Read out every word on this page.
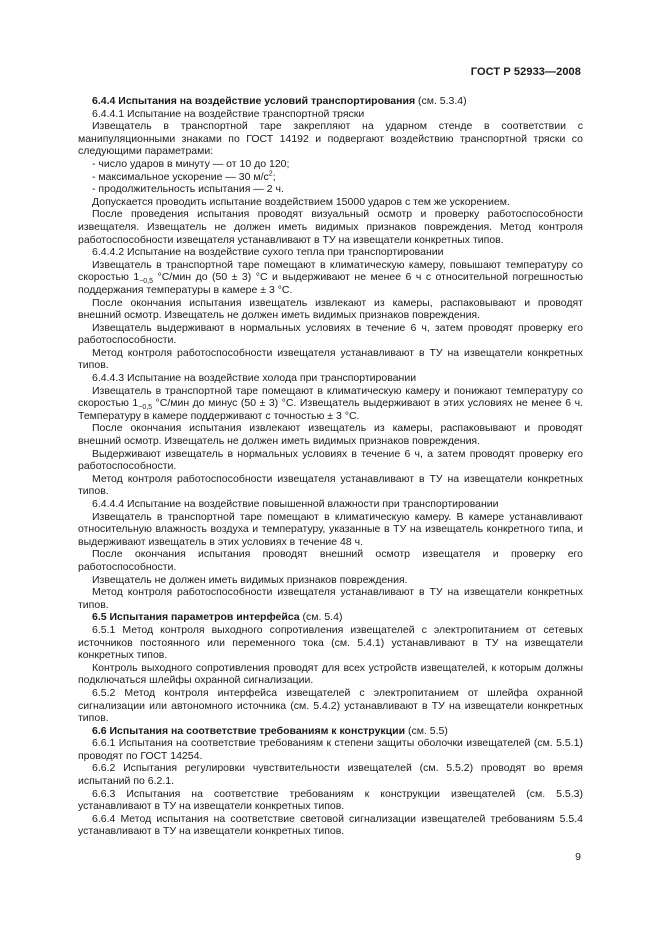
ГОСТ Р 52933—2008

6.4.4 Испытания на воздействие условий транспортирования (см. 5.3.4)

6.4.4.1 Испытание на воздействие транспортной тряски

Извещатель в транспортной таре закрепляют на ударном стенде в соответствии с манипуляционными знаками по ГОСТ 14192 и подвергают воздействию транспортной тряски со следующими параметрами:

- число ударов в минуту — от 10 до 120;

- максимальное ускорение — 30 $м/с^2$;

- продолжительность испытания — 2 ч.

Допускается проводить испытание воздействием 15000 ударов с тем же ускорением.

После проведения испытания проводят визуальный осмотр и проверку работоспособности извещателя. Извещатель не должен иметь видимых признаков повреждения. Метод контроля работоспособности извещателя устанавливают в ТУ на извещатели конкретных типов.

6.4.4.2 Испытание на воздействие сухого тепла при транспортировании

Извещатель в транспортной таре помещают в климатическую камеру, повышают температуру со скоростью $1_{-0,5}$ °С/мин до (50 ± 3) °С и выдерживают не менее 6 ч с относительной погрешностью поддержания температуры в камере ± 3 °С.

После окончания испытания извещатель извлекают из камеры, распаковывают и проводят внешний осмотр. Извещатель не должен иметь видимых признаков повреждения.

Извещатель выдерживают в нормальных условиях в течение 6 ч, затем проводят проверку его работоспособности.

Метод контроля работоспособности извещателя устанавливают в ТУ на извещатели конкретных типов.

6.4.4.3 Испытание на воздействие холода при транспортировании

Извещатель в транспортной таре помещают в климатическую камеру и понижают температуру со скоростью $1_{-0,5}$ °С/мин до минус (50 ± 3) °С. Извещатель выдерживают в этих условиях не менее 6 ч. Температуру в камере поддерживают с точностью ± 3 °С.

После окончания испытания извлекают извещатель из камеры, распаковывают и проводят внешний осмотр. Извещатель не должен иметь видимых признаков повреждения.

Выдерживают извещатель в нормальных условиях в течение 6 ч, а затем проводят проверку его работоспособности.

Метод контроля работоспособности извещателя устанавливают в ТУ на извещатели конкретных типов.

6.4.4.4 Испытание на воздействие повышенной влажности при транспортировании

Извещатель в транспортной таре помещают в климатическую камеру. В камере устанавливают относительную влажность воздуха и температуру, указанные в ТУ на извещатель конкретного типа, и выдерживают извещатель в этих условиях в течение 48 ч.

После окончания испытания проводят внешний осмотр извещателя и проверку его работоспособности.

Извещатель не должен иметь видимых признаков повреждения.

Метод контроля работоспособности извещателя устанавливают в ТУ на извещатели конкретных типов.

6.5 Испытания параметров интерфейса (см. 5.4)

6.5.1 Метод контроля выходного сопротивления извещателей с электропитанием от сетевых источников постоянного или переменного тока (см. 5.4.1) устанавливают в ТУ на извещатели конкретных типов.

Контроль выходного сопротивления проводят для всех устройств извещателей, к которым должны подключаться шлейфы охранной сигнализации.

6.5.2 Метод контроля интерфейса извещателей с электропитанием от шлейфа охранной сигнализации или автономного источника (см. 5.4.2) устанавливают в ТУ на извещатели конкретных типов.

6.6 Испытания на соответствие требованиям к конструкции (см. 5.5)

6.6.1 Испытания на соответствие требованиям к степени защиты оболочки извещателей (см. 5.5.1) проводят по ГОСТ 14254.

6.6.2 Испытания регулировки чувствительности извещателей (см. 5.5.2) проводят во время испытаний по 6.2.1.

6.6.3 Испытания на соответствие требованиям к конструкции извещателей (см. 5.5.3) устанавливают в ТУ на извещатели конкретных типов.

6.6.4 Метод испытания на соответствие световой сигнализации извещателей требованиям 5.5.4 устанавливают в ТУ на извещатели конкретных типов.

9
